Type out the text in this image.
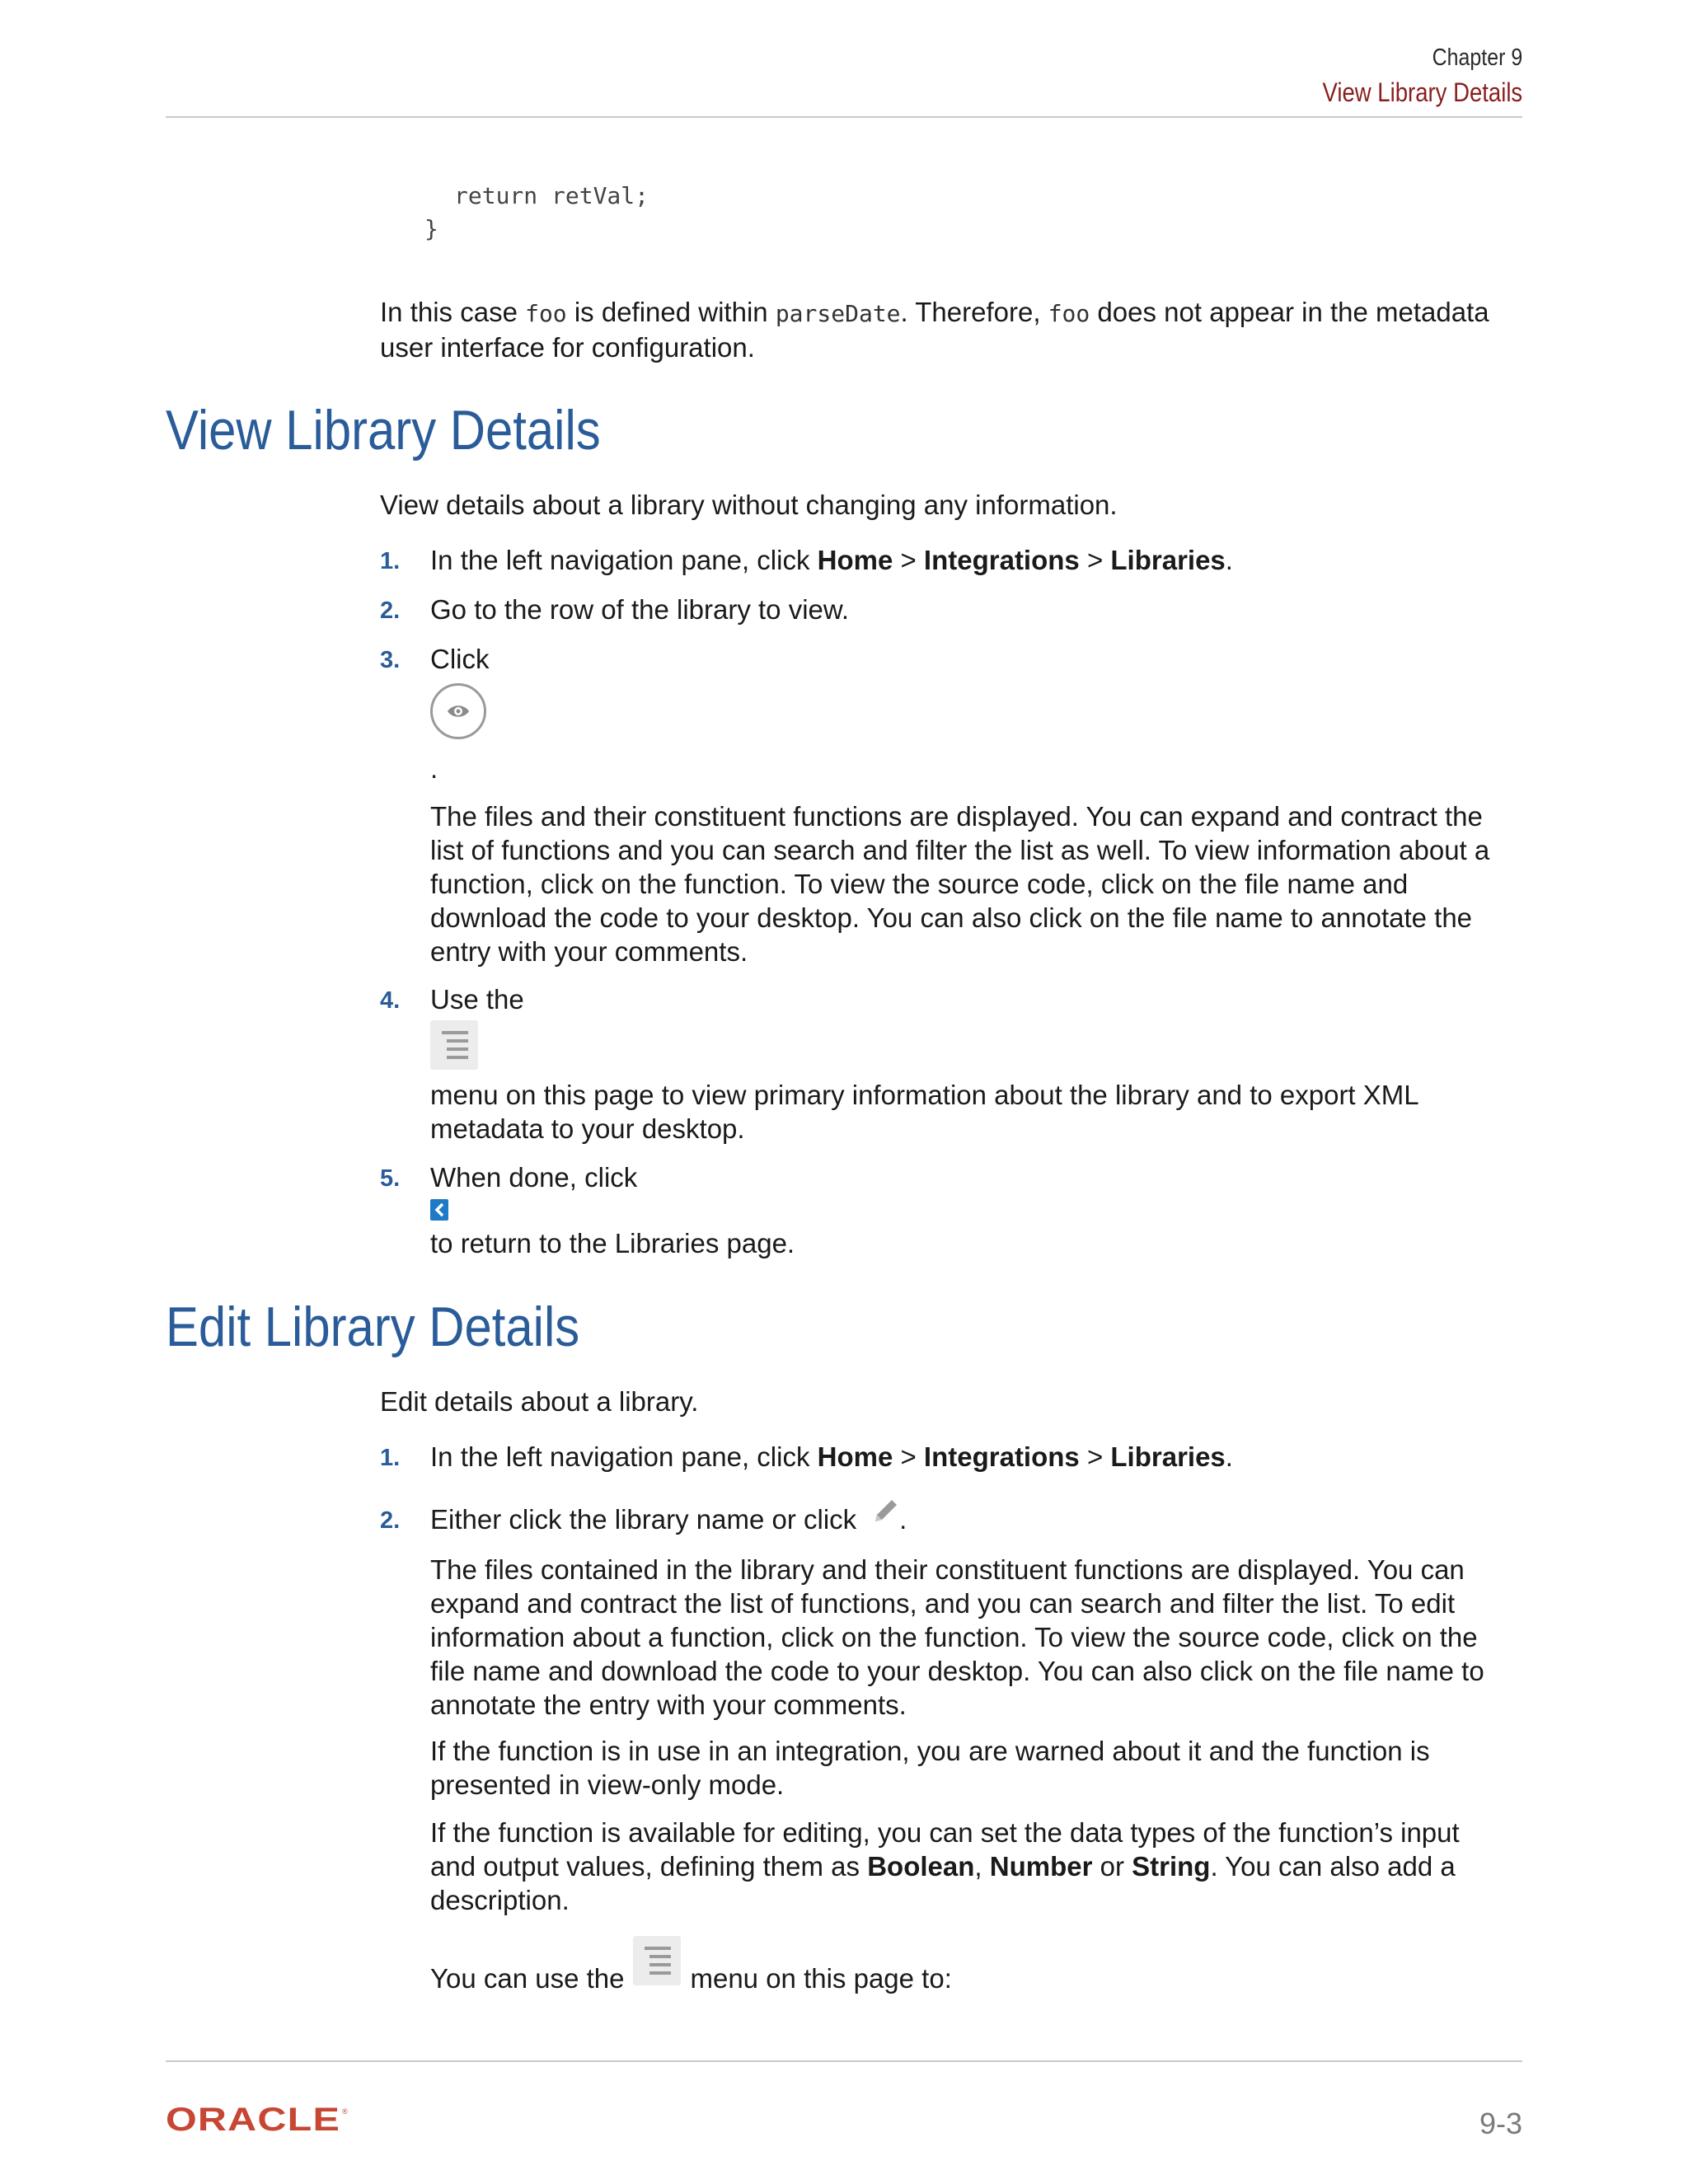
Chapter 9
View Library Details
return retVal;
}
In this case foo is defined within parseDate. Therefore, foo does not appear in the metadata
user interface for configuration.
View Library Details
View details about a library without changing any information.
1. In the left navigation pane, click Home > Integrations > Libraries.
2. Go to the row of the library to view.
3. Click
.
The files and their constituent functions are displayed. You can expand and contract the
list of functions and you can search and filter the list as well. To view information about a
function, click on the function. To view the source code, click on the file name and
download the code to your desktop. You can also click on the file name to annotate the
entry with your comments.
4. Use the
menu on this page to view primary information about the library and to export XML
metadata to your desktop.
5. When done, click
to return to the Libraries page.
Edit Library Details
Edit details about a library.
1. In the left navigation pane, click Home > Integrations > Libraries.
2. Either click the library name or click .
The files contained in the library and their constituent functions are displayed. You can
expand and contract the list of functions, and you can search and filter the list. To edit
information about a function, click on the function. To view the source code, click on the
file name and download the code to your desktop. You can also click on the file name to
annotate the entry with your comments.
If the function is in use in an integration, you are warned about it and the function is
presented in view-only mode.
If the function is available for editing, you can set the data types of the function’s input
and output values, defining them as Boolean, Number or String. You can also add a
description.
You can use the menu on this page to:
ORACLE ®	9-3
